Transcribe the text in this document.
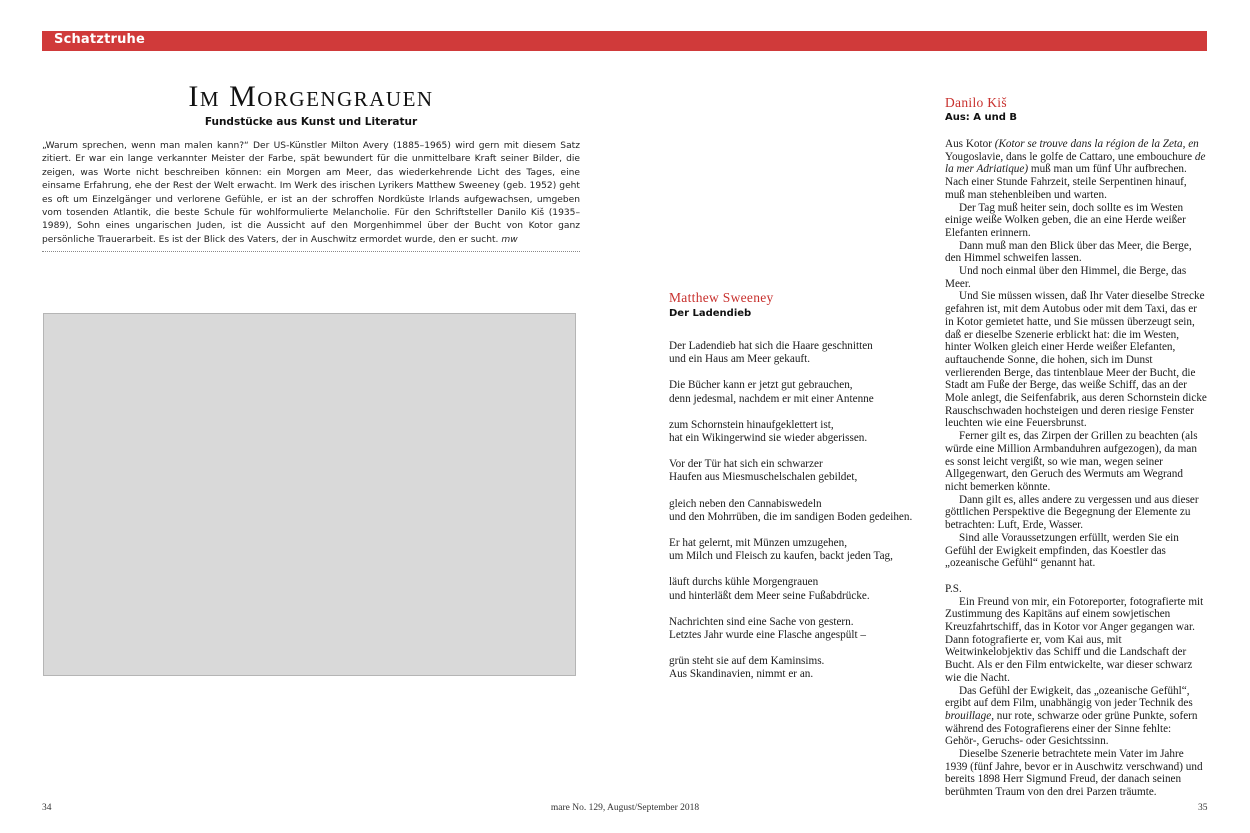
Schatztruhe
Im Morgengrauen
Fundstücke aus Kunst und Literatur
„Warum sprechen, wenn man malen kann?“ Der US-Künstler Milton Avery (1885–1965) wird gern mit diesem Satz zitiert. Er war ein lange verkannter Meister der Farbe, spät bewundert für die unmittelbare Kraft seiner Bilder, die zeigen, was Worte nicht beschreiben können: ein Morgen am Meer, das wiederkehrende Licht des Tages, eine einsame Erfahrung, ehe der Rest der Welt erwacht. Im Werk des irischen Lyrikers Matthew Sweeney (geb. 1952) geht es oft um Einzelgänger und verlorene Gefühle, er ist an der schroffen Nordküste Irlands aufgewachsen, umgeben vom tosenden Atlantik, die beste Schule für wohlformulierte Melancholie. Für den Schriftsteller Danilo Kiš (1935–1989), Sohn eines ungarischen Juden, ist die Aussicht auf den Morgenhimmel über der Bucht von Kotor ganz persönliche Trauerarbeit. Es ist der Blick des Vaters, der in Auschwitz ermordet wurde, den er sucht. mw
Matthew Sweeney
Der Ladendieb
Der Ladendieb hat sich die Haare geschnitten
und ein Haus am Meer gekauft.
Die Bücher kann er jetzt gut gebrauchen,
denn jedesmal, nachdem er mit einer Antenne
zum Schornstein hinaufgeklettert ist,
hat ein Wikingerwind sie wieder abgerissen.
Vor der Tür hat sich ein schwarzer
Haufen aus Miesmuschelschalen gebildet,
gleich neben den Cannabiswedeln
und den Mohrrüben, die im sandigen Boden gedeihen.
Er hat gelernt, mit Münzen umzugehen,
um Milch und Fleisch zu kaufen, backt jeden Tag,
läuft durchs kühle Morgengrauen
und hinterläßt dem Meer seine Fußabdrücke.
Nachrichten sind eine Sache von gestern.
Letztes Jahr wurde eine Flasche angespült –
grün steht sie auf dem Kaminsims.
Aus Skandinavien, nimmt er an.
Danilo Kiš
Aus: A und B

Aus Kotor (Kotor se trouve dans la région de la Zeta, en Yougoslavie, dans le golfe de Cattaro, une embouchure de la mer Adriatique) muß man um fünf Uhr aufbrechen. Nach einer Stunde Fahrzeit, steile Serpentinen hinauf, muß man stehenbleiben und warten.

Der Tag muß heiter sein, doch sollte es im Westen einige weiße Wolken geben, die an eine Herde weißer Elefanten erinnern.

Dann muß man den Blick über das Meer, die Berge, den Himmel schweifen lassen.

Und noch einmal über den Himmel, die Berge, das Meer.

Und Sie müssen wissen, daß Ihr Vater dieselbe Strecke gefahren ist, mit dem Autobus oder mit dem Taxi, das er in Kotor gemietet hatte, und Sie müssen überzeugt sein, daß er dieselbe Szenerie erblickt hat: die im Westen, hinter Wolken gleich einer Herde weißer Elefanten, auftauchende Sonne, die hohen, sich im Dunst verlierenden Berge, das tintenblaue Meer der Bucht, die Stadt am Fuße der Berge, das weiße Schiff, das an der Mole anlegt, die Seifenfabrik, aus deren Schornstein dicke Rauschschwaden hochsteigen und deren riesige Fenster leuchten wie eine Feuersbrunst.

Ferner gilt es, das Zirpen der Grillen zu beachten (als würde eine Million Armbanduhren aufgezogen), da man es sonst leicht vergißt, so wie man, wegen seiner Allgegenwart, den Geruch des Wermuts am Wegrand nicht bemerken könnte.

Dann gilt es, alles andere zu vergessen und aus dieser göttlichen Perspektive die Begegnung der Elemente zu betrachten: Luft, Erde, Wasser.

Sind alle Voraussetzungen erfüllt, werden Sie ein Gefühl der Ewigkeit empfinden, das Koestler das „ozeanische Gefühl“ genannt hat.

P.S.

Ein Freund von mir, ein Fotoreporter, fotografierte mit Zustimmung des Kapitäns auf einem sowjetischen Kreuzfahrtschiff, das in Kotor vor Anger gegangen war. Dann fotografierte er, vom Kai aus, mit Weitwinkelobjektiv das Schiff und die Landschaft der Bucht. Als er den Film entwickelte, war dieser schwarz wie die Nacht.

Das Gefühl der Ewigkeit, das „ozeanische Gefühl“, ergibt auf dem Film, unabhängig von jeder Technik des brouillage, nur rote, schwarze oder grüne Punkte, sofern während des Fotografierens einer der Sinne fehlte: Gehör-, Geruchs- oder Gesichtssinn.

Dieselbe Szenerie betrachtete mein Vater im Jahre 1939 (fünf Jahre, bevor er in Auschwitz verschwand) und bereits 1898 Herr Sigmund Freud, der danach seinen berühmten Traum von den drei Parzen träumte.

34	mare No. 129, August/September 2018	35
